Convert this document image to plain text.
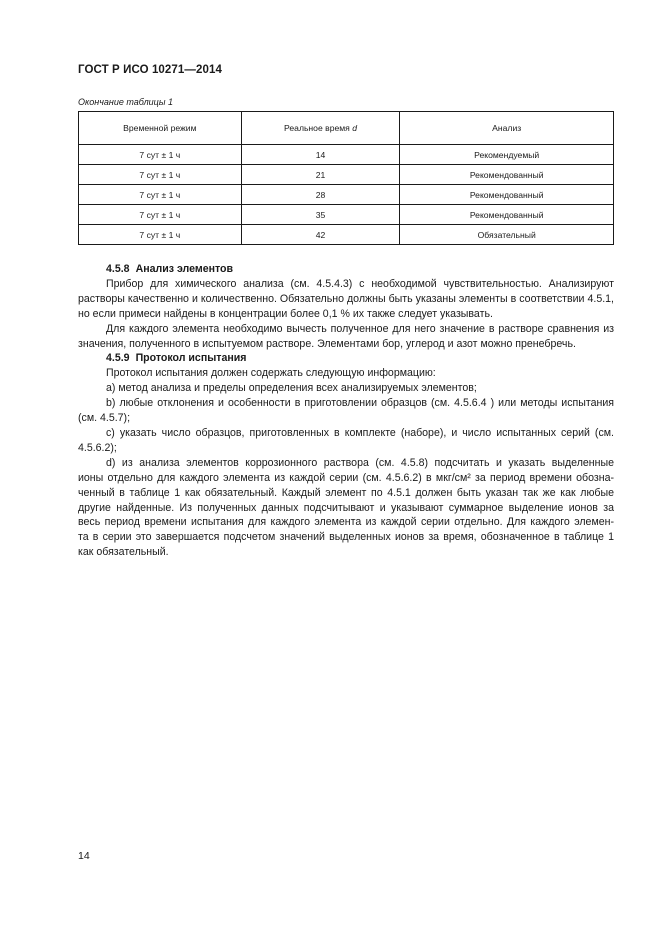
ГОСТ Р ИСО 10271—2014
Окончание таблицы 1
Временной режим	Реальное время d	Анализ
7 сут ± 1 ч	14	Рекомендуемый
7 сут ± 1 ч	21	Рекомендованный
7 сут ± 1 ч	28	Рекомендованный
7 сут ± 1 ч	35	Рекомендованный
7 сут ± 1 ч	42	Обязательный
4.5.8 Анализ элементов

Прибор для химического анализа (см. 4.5.4.3) с необходимой чувствительностью. Анализируют растворы качественно и количественно. Обязательно должны быть указаны элементы в соответствии 4.5.1, но если примеси найдены в концентрации более 0,1 % их также следует указывать.

Для каждого элемента необходимо вычесть полученное для него значение в растворе сравнения из значения, полученного в испытуемом растворе. Элементами бор, углерод и азот можно пренебречь.

4.5.9 Протокол испытания

Протокол испытания должен содержать следующую информацию:

a) метод анализа и пределы определения всех анализируемых элементов;

b) любые отклонения и особенности в приготовлении образцов (см. 4.5.6.4 ) или методы испытания (см. 4.5.7);

c) указать число образцов, приготовленных в комплекте (наборе), и число испытанных серий (см. 4.5.6.2);

d) из анализа элементов коррозионного раствора (см. 4.5.8) подсчитать и указать выделенные
ионы отдельно для каждого элемента из каждой серии (см. 4.5.6.2) в мкг/см² за период времени обозна-
ченный в таблице 1 как обязательный. Каждый элемент по 4.5.1 должен быть указан так же как любые
другие найденные. Из полученных данных подсчитывают и указывают суммарное выделение ионов за
весь период времени испытания для каждого элемента из каждой серии отдельно. Для каждого элемен-
та в серии это завершается подсчетом значений выделенных ионов за время, обозначенное в таблице 1
как обязательный.

14
